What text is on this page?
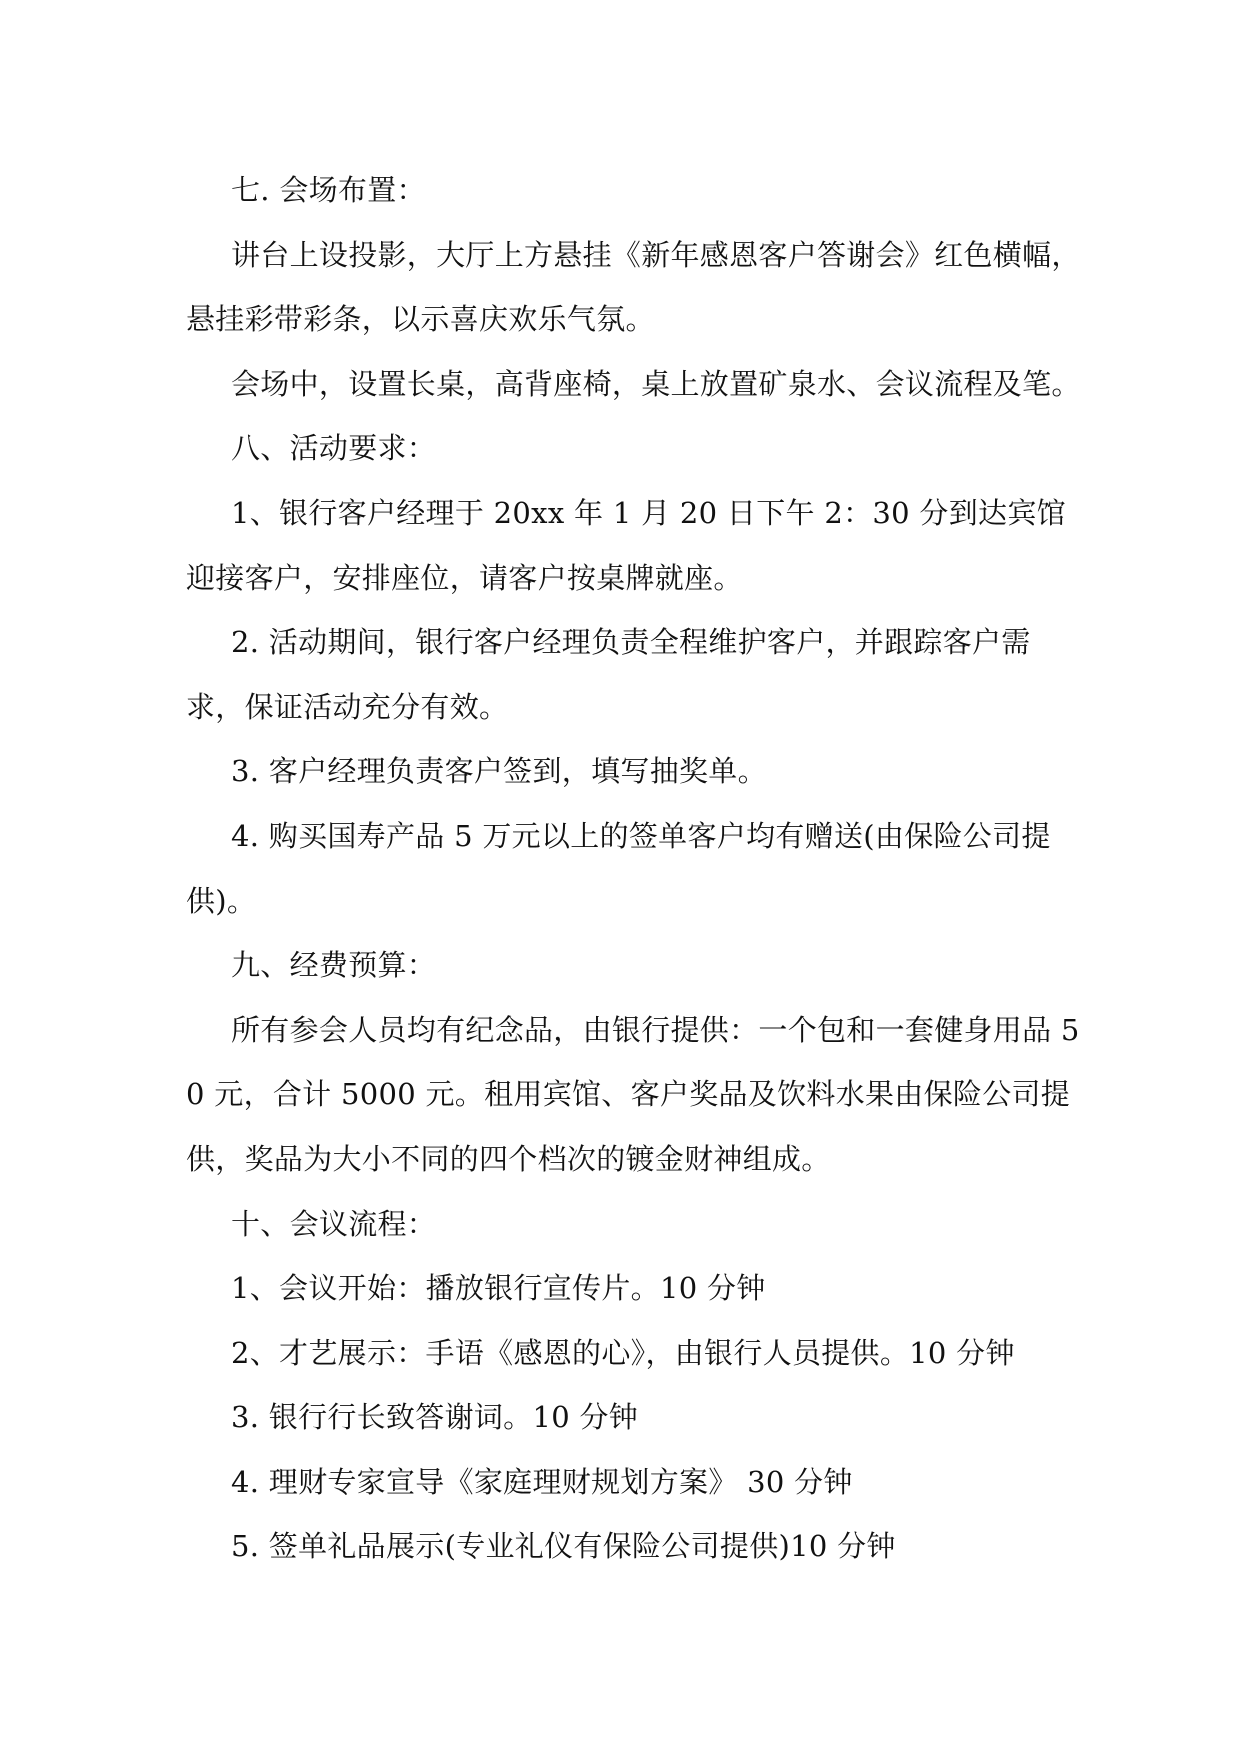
七. 会场布置：

讲台上设投影，大厅上方悬挂《新年感恩客户答谢会》红色横幅，悬挂彩带彩条，以示喜庆欢乐气氛。

会场中，设置长桌，高背座椅，桌上放置矿泉水、会议流程及笔。

八、活动要求：

1、银行客户经理于 20xx 年 1 月 20 日下午 2：30 分到达宾馆迎接客户，安排座位，请客户按桌牌就座。

2. 活动期间，银行客户经理负责全程维护客户，并跟踪客户需求，保证活动充分有效。

3. 客户经理负责客户签到，填写抽奖单。

4. 购买国寿产品 5 万元以上的签单客户均有赠送(由保险公司提供)。

九、经费预算：

所有参会人员均有纪念品，由银行提供：一个包和一套健身用品 50 元，合计 5000 元。租用宾馆、客户奖品及饮料水果由保险公司提供，奖品为大小不同的四个档次的镀金财神组成。

十、会议流程：

1、会议开始：播放银行宣传片。10 分钟

2、才艺展示：手语《感恩的心》，由银行人员提供。10 分钟

3. 银行行长致答谢词。10 分钟

4. 理财专家宣导《家庭理财规划方案》 30 分钟

5. 签单礼品展示(专业礼仪有保险公司提供)10 分钟
